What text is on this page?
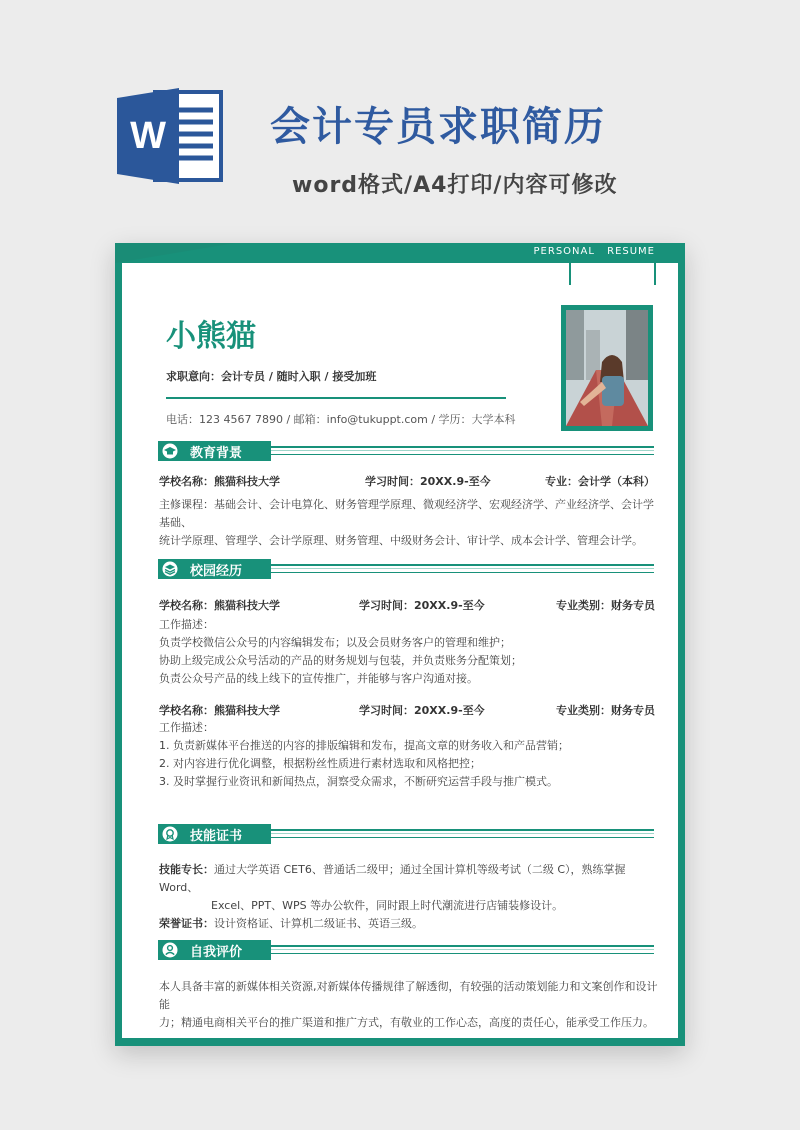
W	会计专员求职简历
word格式/A4打印/内容可修改
PERSONAL RESUME
小熊猫
求职意向：会计专员 / 随时入职 / 接受加班
电话：123 4567 7890 / 邮箱：info@tukuppt.com / 学历：大学本科
教育背景
学校名称：熊猫科技大学	学习时间：20XX.9-至今	专业：会计学（本科）
主修课程：基础会计、会计电算化、财务管理学原理、微观经济学、宏观经济学、产业经济学、会计学基础、
统计学原理、管理学、会计学原理、财务管理、中级财务会计、审计学、成本会计学、管理会计学。
校园经历
学校名称：熊猫科技大学	学习时间：20XX.9-至今	专业类别：财务专员
工作描述：
负责学校微信公众号的内容编辑发布；以及会员财务客户的管理和维护；
协助上级完成公众号活动的产品的财务规划与包装，并负责账务分配策划；
负责公众号产品的线上线下的宣传推广，并能够与客户沟通对接。
学校名称：熊猫科技大学	学习时间：20XX.9-至今	专业类别：财务专员
工作描述：
1. 负责新媒体平台推送的内容的排版编辑和发布，提高文章的财务收入和产品营销；
2. 对内容进行优化调整，根据粉丝性质进行素材选取和风格把控；
3. 及时掌握行业资讯和新闻热点，洞察受众需求，不断研究运营手段与推广模式。
技能证书
技能专长：通过大学英语 CET6、普通话二级甲；通过全国计算机等级考试（二级 C），熟练掌握 Word、
Excel、PPT、WPS 等办公软件，同时跟上时代潮流进行店铺装修设计。
荣誉证书：设计资格证、计算机二级证书、英语三级。
自我评价
本人具备丰富的新媒体相关资源,对新媒体传播规律了解透彻，有较强的活动策划能力和文案创作和设计能
力；精通电商相关平台的推广渠道和推广方式，有敬业的工作心态，高度的责任心，能承受工作压力。
